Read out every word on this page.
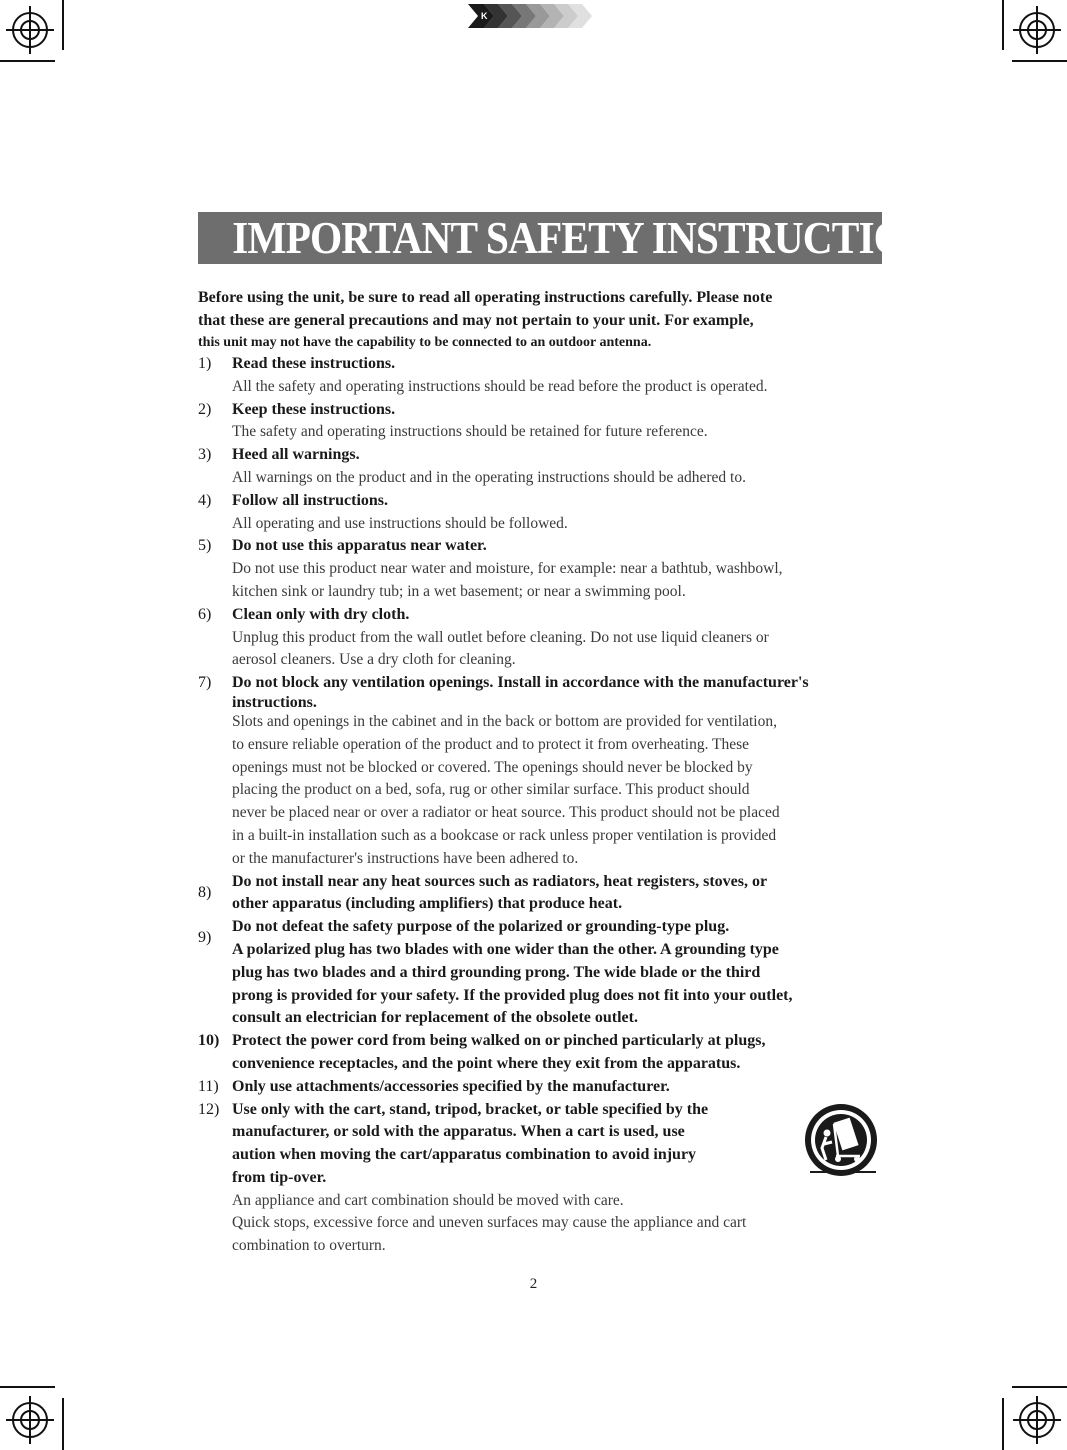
K
IMPORTANT SAFETY INSTRUCTION

Before using the unit, be sure to read all operating instructions carefully. Please note

that these are general precautions and may not pertain to your unit. For example,

this unit may not have the capability to be connected to an outdoor antenna.

1) Read these instructions.

All the safety and operating instructions should be read before the product is operated.

2) Keep these instructions.

The safety and operating instructions should be retained for future reference.

3) Heed all warnings.

All warnings on the product and in the operating instructions should be adhered to.

4) Follow all instructions.

All operating and use instructions should be followed.

5) Do not use this apparatus near water.

Do not use this product near water and moisture, for example: near a bathtub, washbowl,

kitchen sink or laundry tub; in a wet basement; or near a swimming pool.

6) Clean only with dry cloth.

Unplug this product from the wall outlet before cleaning. Do not use liquid cleaners or

aerosol cleaners. Use a dry cloth for cleaning.

7) Do not block any ventilation openings. Install in accordance with the manufacturer's

instructions.

Slots and openings in the cabinet and in the back or bottom are provided for ventilation,

to ensure reliable operation of the product and to protect it from overheating. These

openings must not be blocked or covered. The openings should never be blocked by

placing the product on a bed, sofa, rug or other similar surface. This product should

never be placed near or over a radiator or heat source. This product should not be placed

in a built-in installation such as a bookcase or rack unless proper ventilation is provided

or the manufacturer's instructions have been adhered to.

8)

Do not install near any heat sources such as radiators, heat registers, stoves, or

other apparatus (including amplifiers) that produce heat.

9)

Do not defeat the safety purpose of the polarized or grounding-type plug.

A polarized plug has two blades with one wider than the other. A grounding type

plug has two blades and a third grounding prong. The wide blade or the third

prong is provided for your safety. If the provided plug does not fit into your outlet,

consult an electrician for replacement of the obsolete outlet.

10) Protect the power cord from being walked on or pinched particularly at plugs,

convenience receptacles, and the point where they exit from the apparatus.

11) Only use attachments/accessories specified by the manufacturer.

12) Use only with the cart, stand, tripod, bracket, or table specified by the

manufacturer, or sold with the apparatus. When a cart is used, use

aution when moving the cart/apparatus combination to avoid injury

from tip-over.

An appliance and cart combination should be moved with care.

Quick stops, excessive force and uneven surfaces may cause the appliance and cart

combination to overturn.

2
